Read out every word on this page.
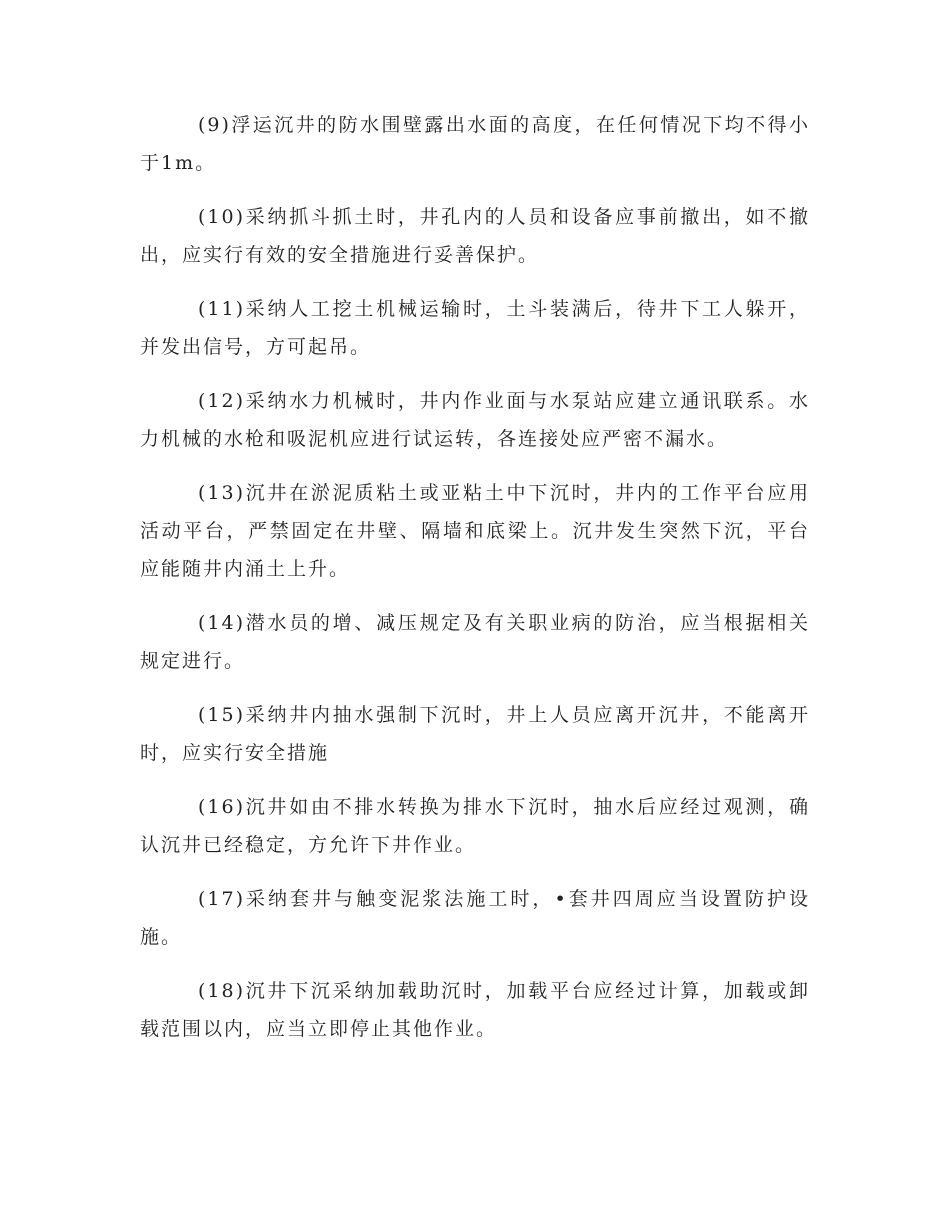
(9)浮运沉井的防水围壁露出水面的高度，在任何情况下均不得小于1m。

(10)采纳抓斗抓土时，井孔内的人员和设备应事前撤出，如不撤出，应实行有效的安全措施进行妥善保护。

(11)采纳人工挖土机械运输时，土斗装满后，待井下工人躲开，并发出信号，方可起吊。

(12)采纳水力机械时，井内作业面与水泵站应建立通讯联系。水力机械的水枪和吸泥机应进行试运转，各连接处应严密不漏水。

(13)沉井在淤泥质粘土或亚粘土中下沉时，井内的工作平台应用活动平台，严禁固定在井壁、隔墙和底梁上。沉井发生突然下沉，平台应能随井内涌土上升。

(14)潜水员的增、减压规定及有关职业病的防治，应当根据相关规定进行。

(15)采纳井内抽水强制下沉时，井上人员应离开沉井，不能离开时，应实行安全措施

(16)沉井如由不排水转换为排水下沉时，抽水后应经过观测，确认沉井已经稳定，方允许下井作业。

(17)采纳套井与触变泥浆法施工时，•套井四周应当设置防护设施。

(18)沉井下沉采纳加载助沉时，加载平台应经过计算，加载或卸载范围以内，应当立即停止其他作业。
